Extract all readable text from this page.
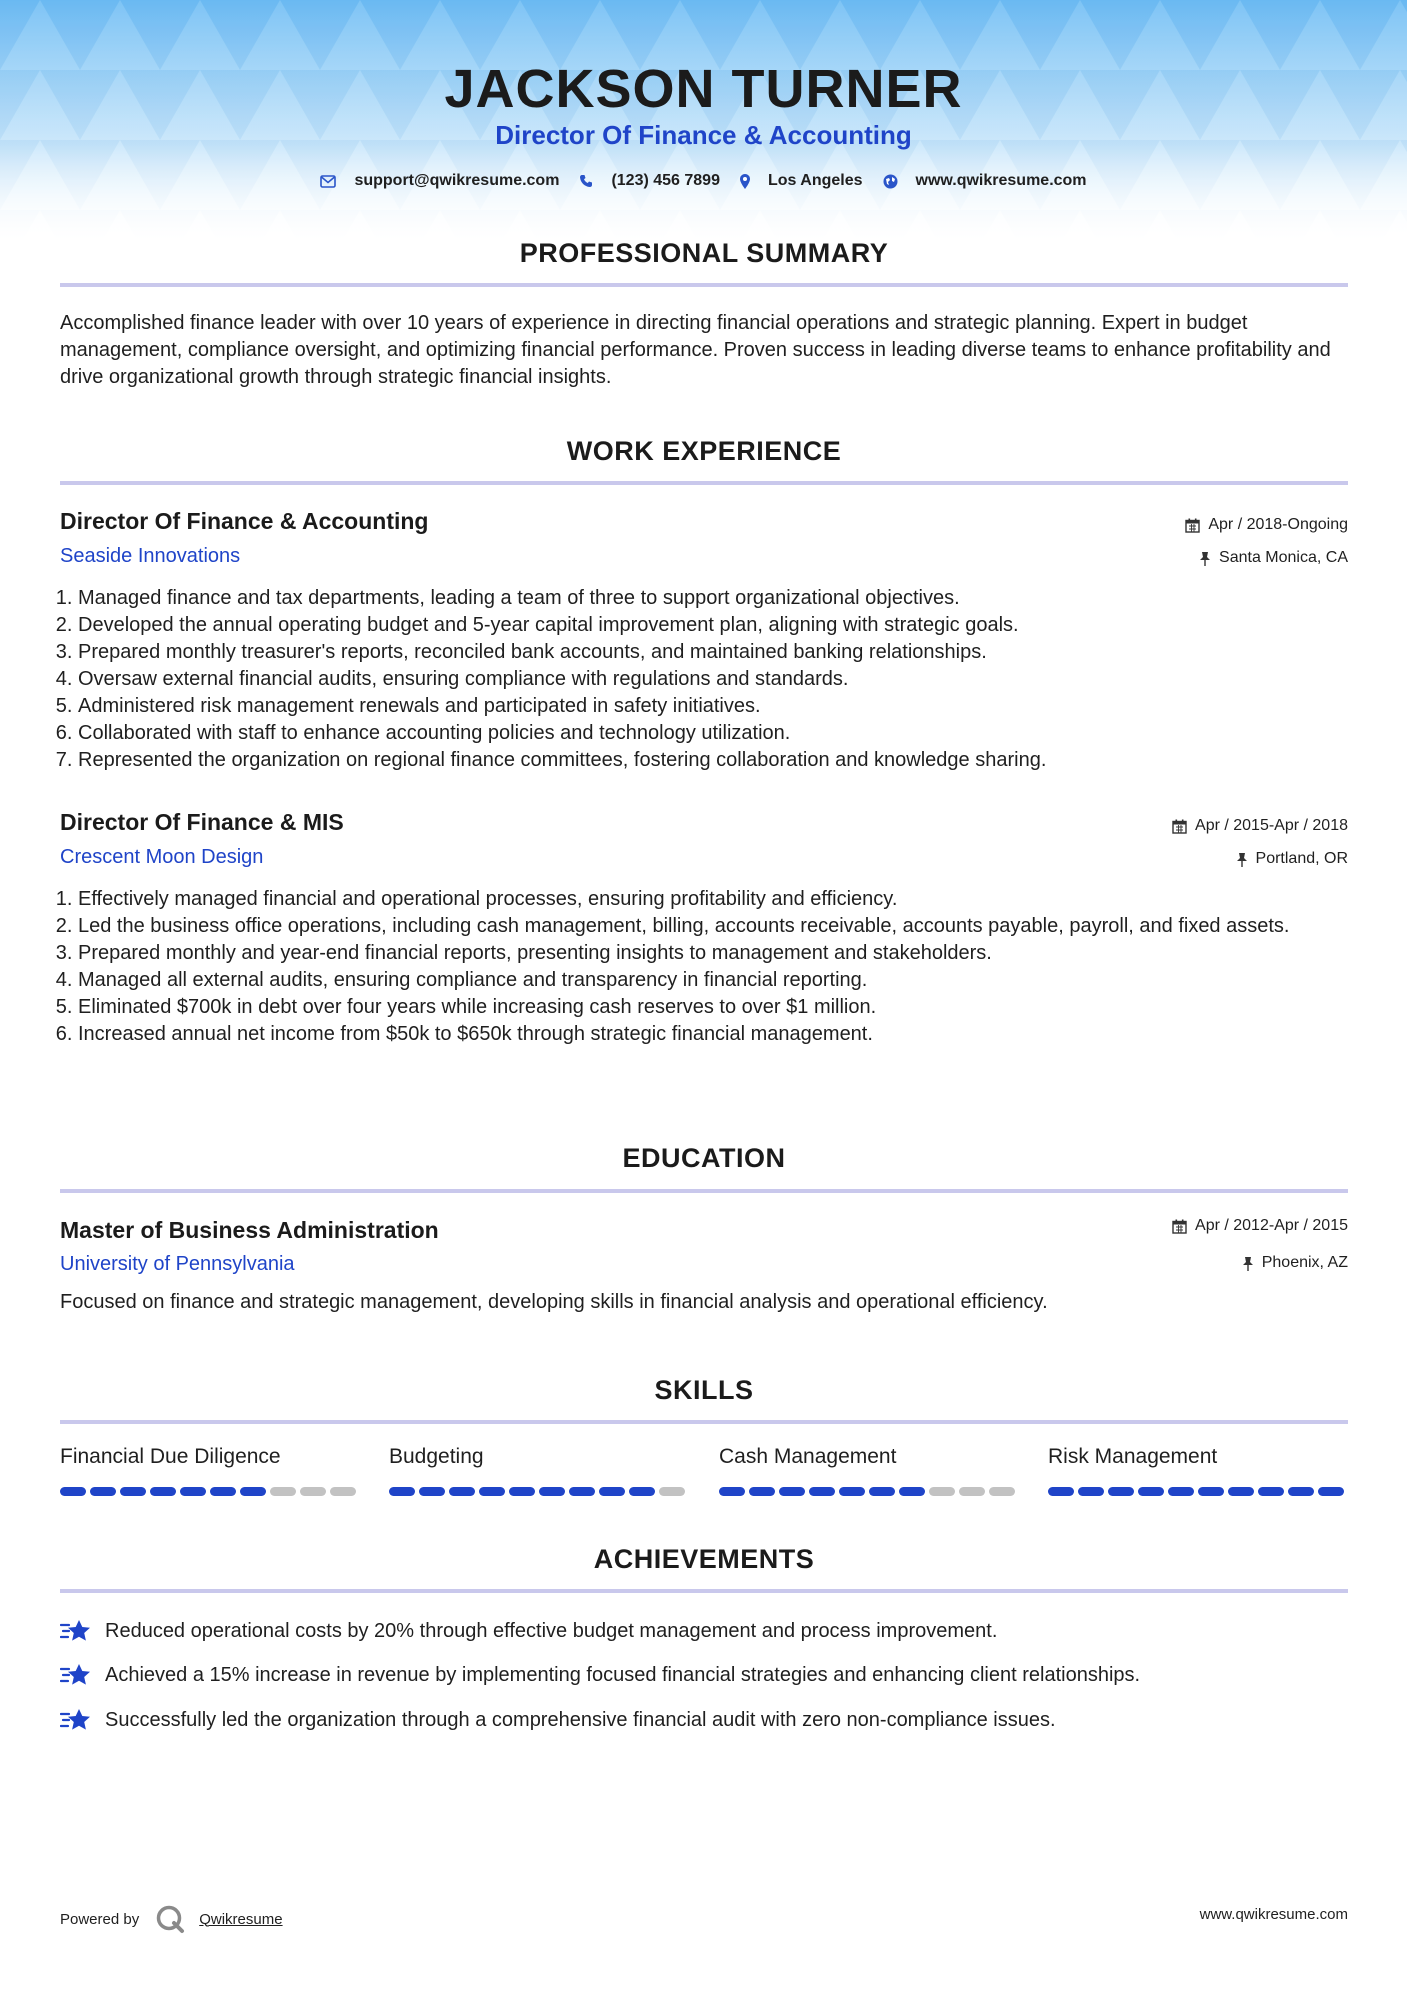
JACKSON TURNER
Director Of Finance & Accounting
support@qwikresume.com	(123) 456 7899	Los Angeles	www.qwikresume.com
PROFESSIONAL SUMMARY
Accomplished finance leader with over 10 years of experience in directing financial operations and strategic planning. Expert in budget management, compliance oversight, and optimizing financial performance. Proven success in leading diverse teams to enhance profitability and drive organizational growth through strategic financial insights.
WORK EXPERIENCE
Director Of Finance & Accounting	Apr / 2018-Ongoing
Seaside Innovations	Santa Monica, CA
1. Managed finance and tax departments, leading a team of three to support organizational objectives.
2. Developed the annual operating budget and 5-year capital improvement plan, aligning with strategic goals.
3. Prepared monthly treasurer's reports, reconciled bank accounts, and maintained banking relationships.
4. Oversaw external financial audits, ensuring compliance with regulations and standards.
5. Administered risk management renewals and participated in safety initiatives.
6. Collaborated with staff to enhance accounting policies and technology utilization.
7. Represented the organization on regional finance committees, fostering collaboration and knowledge sharing.
Director Of Finance & MIS	Apr / 2015-Apr / 2018
Crescent Moon Design	Portland, OR
1. Effectively managed financial and operational processes, ensuring profitability and efficiency.
2. Led the business office operations, including cash management, billing, accounts receivable, accounts payable, payroll, and fixed assets.
3. Prepared monthly and year-end financial reports, presenting insights to management and stakeholders.
4. Managed all external audits, ensuring compliance and transparency in financial reporting.
5. Eliminated $700k in debt over four years while increasing cash reserves to over $1 million.
6. Increased annual net income from $50k to $650k through strategic financial management.
EDUCATION
Master of Business Administration	Apr / 2012-Apr / 2015
University of Pennsylvania	Phoenix, AZ
Focused on finance and strategic management, developing skills in financial analysis and operational efficiency.
SKILLS
Financial Due Diligence	Budgeting	Cash Management	Risk Management
ACHIEVEMENTS
Reduced operational costs by 20% through effective budget management and process improvement.
Achieved a 15% increase in revenue by implementing focused financial strategies and enhancing client relationships.
Successfully led the organization through a comprehensive financial audit with zero non-compliance issues.
Powered by	Qwikresume	www.qwikresume.com
